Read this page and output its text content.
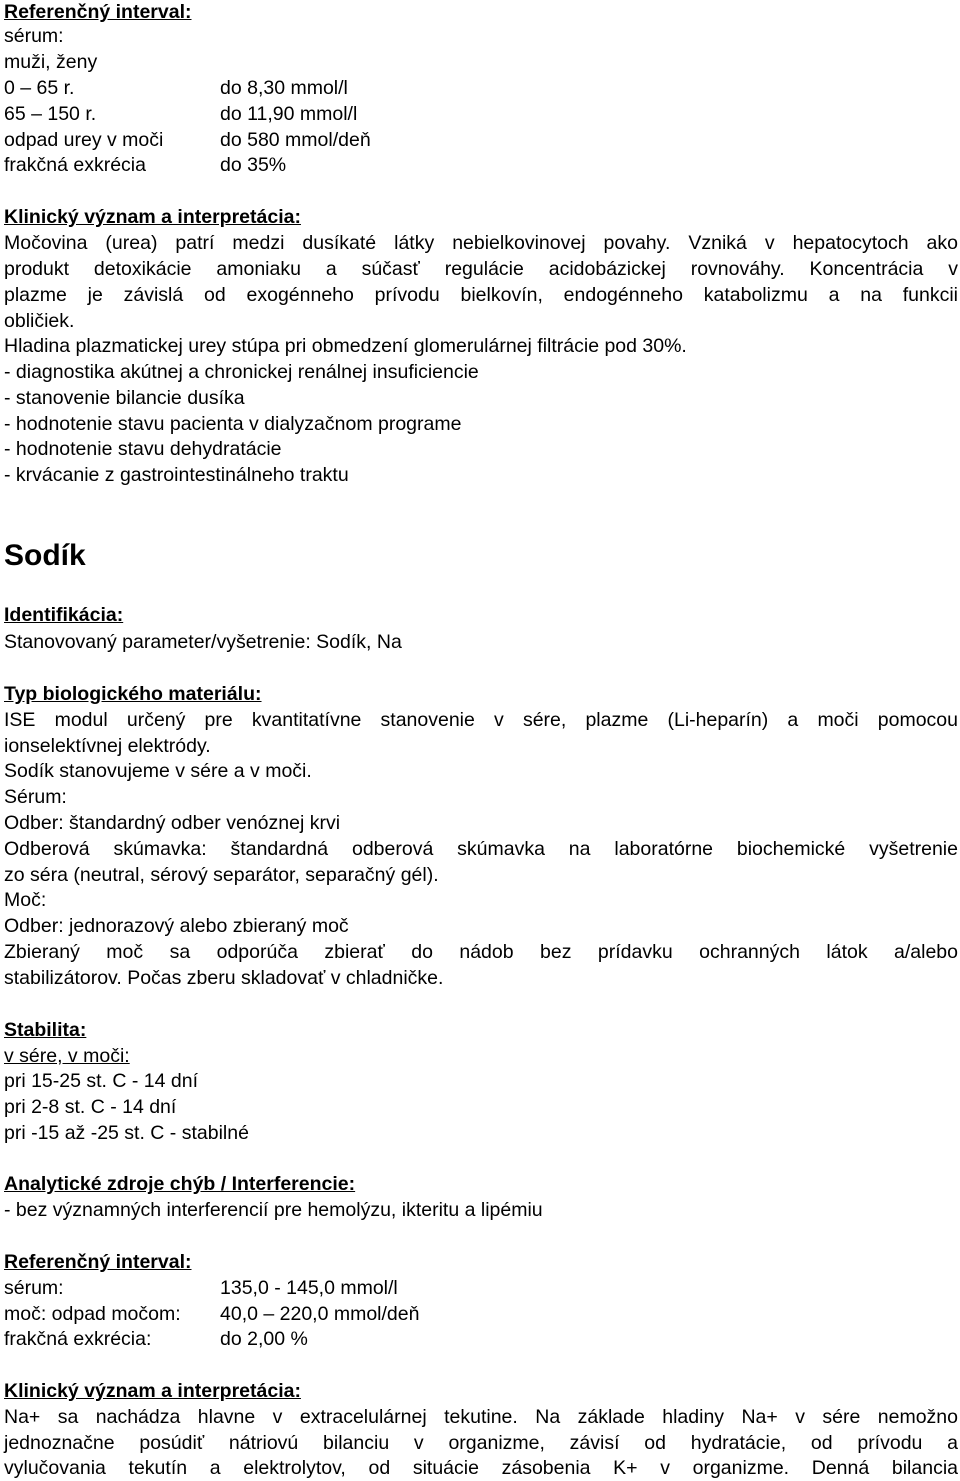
Referenčný interval:
sérum:
muži, ženy
0 – 65 r.	do 8,30 mmol/l
65 – 150 r.	do 11,90 mmol/l
odpad urey v moči	do 580 mmol/deň
frakčná exkrécia	do 35%
Klinický význam a interpretácia:
Močovina (urea) patrí medzi dusíkaté látky nebielkovinovej povahy. Vzniká v hepatocytoch ako
produkt detoxikácie amoniaku a súčasť regulácie acidobázickej rovnováhy. Koncentrácia v
plazme je závislá od exogénneho prívodu bielkovín, endogénneho katabolizmu a na funkcii
obličiek.
Hladina plazmatickej urey stúpa pri obmedzení glomerulárnej filtrácie pod 30%.
- diagnostika akútnej a chronickej renálnej insuficiencie
- stanovenie bilancie dusíka
- hodnotenie stavu pacienta v dialyzačnom programe
- hodnotenie stavu dehydratácie
- krvácanie z gastrointestinálneho traktu
Sodík
Identifikácia:
Stanovovaný parameter/vyšetrenie: Sodík, Na
Typ biologického materiálu:
ISE modul určený pre kvantitatívne stanovenie v sére, plazme (Li-heparín) a moči pomocou
ionselektívnej elektródy.
Sodík stanovujeme v sére a v moči.
Sérum:
Odber: štandardný odber venóznej krvi
Odberová skúmavka: štandardná odberová skúmavka na laboratórne biochemické vyšetrenie
zo séra (neutral, sérový separátor, separačný gél).
Moč:
Odber: jednorazový alebo zbieraný moč
Zbieraný moč sa odporúča zbierať do nádob bez prídavku ochranných látok a/alebo
stabilizátorov. Počas zberu skladovať v chladničke.
Stabilita:
v sére, v moči:
pri 15-25 st. C - 14 dní
pri 2-8 st. C - 14 dní
pri -15 až -25 st. C - stabilné
Analytické zdroje chýb / Interferencie:
- bez významných interferencií pre hemolýzu, ikteritu a lipémiu
Referenčný interval:
sérum:	135,0 - 145,0 mmol/l
moč: odpad močom: 40,0 – 220,0 mmol/deň
frakčná exkrécia:	do 2,00 %
Klinický význam a interpretácia:
Na+ sa nachádza hlavne v extracelulárnej tekutine. Na základe hladiny Na+ v sére nemožno
jednoznačne posúdiť nátriovú bilanciu v organizme, závisí od hydratácie, od prívodu a
vylučovania tekutín a elektrolytov, od situácie zásobenia K+ v organizme. Denná bilancia
